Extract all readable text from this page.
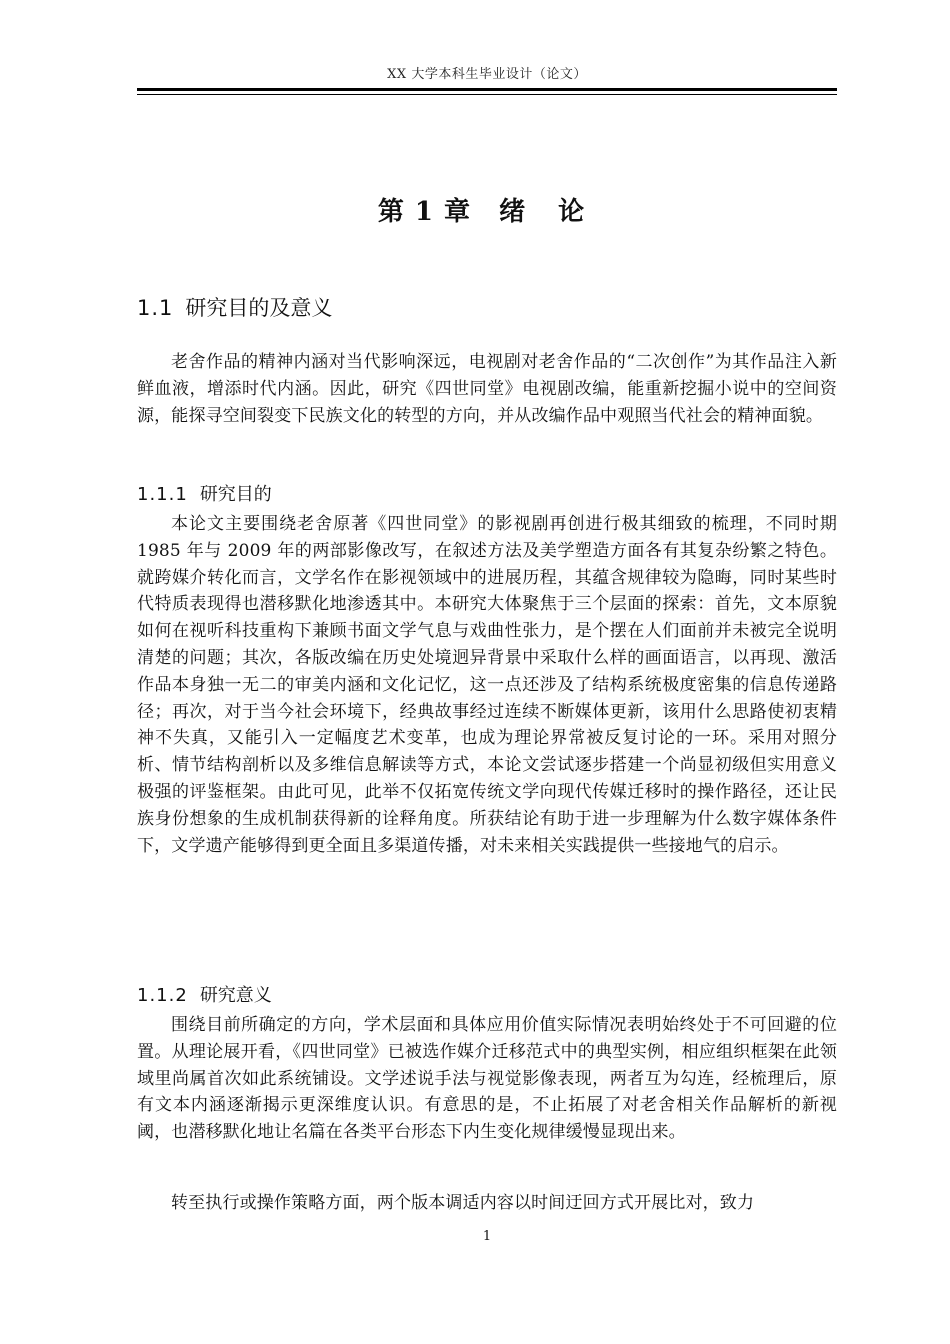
XX 大学本科生毕业设计（论文）
第 1 章 绪 论
1.1 研究目的及意义

老舍作品的精神内涵对当代影响深远，电视剧对老舍作品的“二次创作”为其作品注入新鲜血液，增添时代内涵。因此，研究《四世同堂》电视剧改编，能重新挖掘小说中的空间资源，能探寻空间裂变下民族文化的转型的方向，并从改编作品中观照当代社会的精神面貌。

1.1.1 研究目的

本论文主要围绕老舍原著《四世同堂》的影视剧再创进行极其细致的梳理，不同时期 1985 年与 2009 年的两部影像改写，在叙述方法及美学塑造方面各有其复杂纷繁之特色。就跨媒介转化而言，文学名作在影视领域中的进展历程，其蕴含规律较为隐晦，同时某些时代特质表现得也潜移默化地渗透其中。本研究大体聚焦于三个层面的探索：首先，文本原貌如何在视听科技重构下兼顾书面文学气息与戏曲性张力，是个摆在人们面前并未被完全说明清楚的问题；其次，各版改编在历史处境迥异背景中采取什么样的画面语言，以再现、激活作品本身独一无二的审美内涵和文化记忆，这一点还涉及了结构系统极度密集的信息传递路径；再次，对于当今社会环境下，经典故事经过连续不断媒体更新，该用什么思路使初衷精神不失真，又能引入一定幅度艺术变革，也成为理论界常被反复讨论的一环。采用对照分析、情节结构剖析以及多维信息解读等方式，本论文尝试逐步搭建一个尚显初级但实用意义极强的评鉴框架。由此可见，此举不仅拓宽传统文学向现代传媒迁移时的操作路径，还让民族身份想象的生成机制获得新的诠释角度。所获结论有助于进一步理解为什么数字媒体条件下，文学遗产能够得到更全面且多渠道传播，对未来相关实践提供一些接地气的启示。

1.1.2 研究意义

围绕目前所确定的方向，学术层面和具体应用价值实际情况表明始终处于不可回避的位置。从理论展开看，《四世同堂》已被选作媒介迁移范式中的典型实例，相应组织框架在此领域里尚属首次如此系统铺设。文学述说手法与视觉影像表现，两者互为勾连，经梳理后，原有文本内涵逐渐揭示更深维度认识。有意思的是，不止拓展了对老舍相关作品解析的新视阈，也潜移默化地让名篇在各类平台形态下内生变化规律缓慢显现出来。

转至执行或操作策略方面，两个版本调适内容以时间迂回方式开展比对，致力

1
